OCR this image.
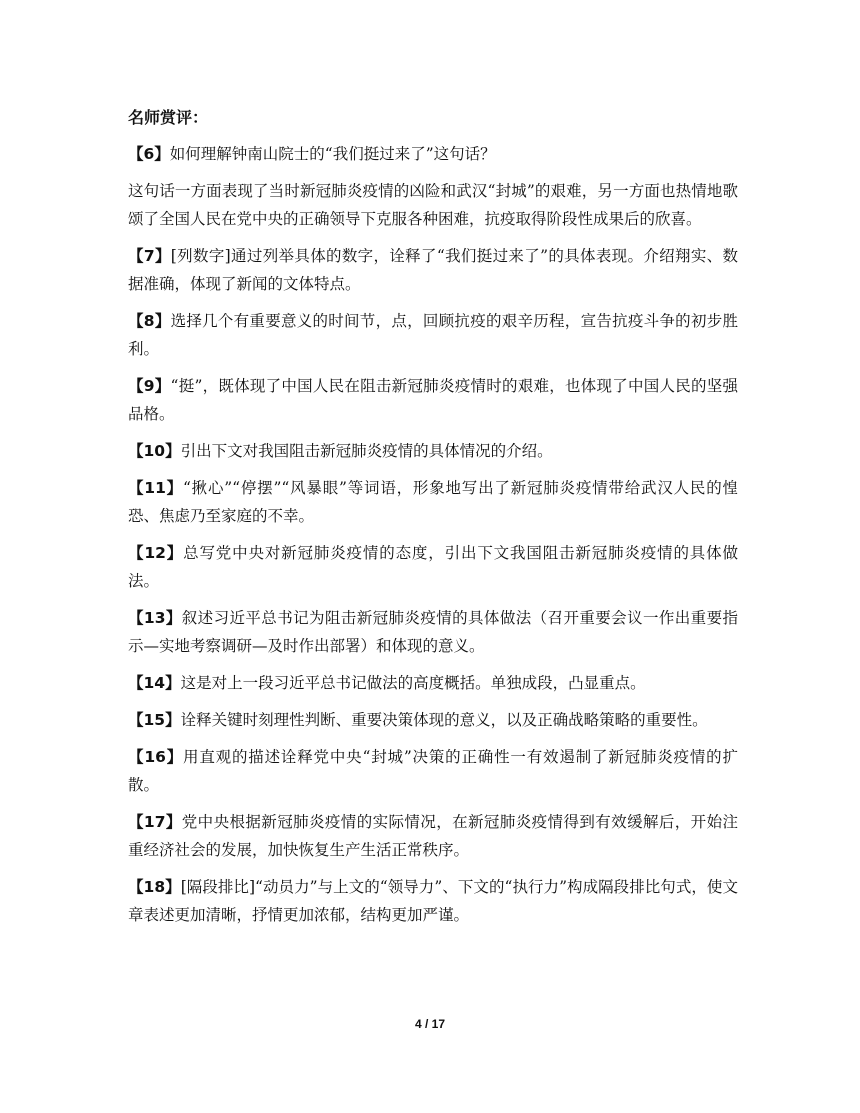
名师赏评：

【6】如何理解钟南山院士的“我们挺过来了”这句话？

这句话一方面表现了当时新冠肺炎疫情的凶险和武汉“封城”的艰难，另一方面也热情地歌颂了全国人民在党中央的正确领导下克服各种困难，抗疫取得阶段性成果后的欣喜。

【7】[列数字]通过列举具体的数字，诠释了“我们挺过来了”的具体表现。介绍翔实、数据准确，体现了新闻的文体特点。

【8】选择几个有重要意义的时间节，点，回顾抗疫的艰辛历程，宣告抗疫斗争的初步胜利。

【9】“挺”，既体现了中国人民在阻击新冠肺炎疫情时的艰难，也体现了中国人民的坚强品格。

【10】引出下文对我国阻击新冠肺炎疫情的具体情况的介绍。

【11】“揪心”“停摆”“风暴眼”等词语，形象地写出了新冠肺炎疫情带给武汉人民的惶恐、焦虑乃至家庭的不幸。

【12】总写党中央对新冠肺炎疫情的态度，引出下文我国阻击新冠肺炎疫情的具体做法。

【13】叙述习近平总书记为阻击新冠肺炎疫情的具体做法（召开重要会议一作出重要指示—实地考察调研—及时作出部署）和体现的意义。

【14】这是对上一段习近平总书记做法的高度概括。单独成段，凸显重点。

【15】诠释关键时刻理性判断、重要决策体现的意义，以及正确战略策略的重要性。

【16】用直观的描述诠释党中央“封城”决策的正确性一有效遏制了新冠肺炎疫情的扩散。

【17】党中央根据新冠肺炎疫情的实际情况，在新冠肺炎疫情得到有效缓解后，开始注重经济社会的发展，加快恢复生产生活正常秩序。

【18】[隔段排比]“动员力”与上文的“领导力”、下文的“执行力”构成隔段排比句式，使文章表述更加清晰，抒情更加浓郁，结构更加严谨。

4 / 17
